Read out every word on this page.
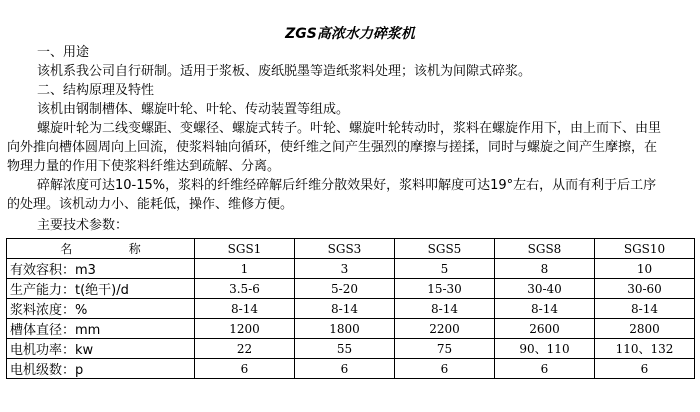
ZGS高浓水力碎浆机
一、用途
该机系我公司自行研制。适用于浆板、废纸脱墨等造纸浆料处理；该机为间隙式碎浆。
二、结构原理及特性
该机由钢制槽体、螺旋叶轮、叶轮、传动装置等组成。
螺旋叶轮为二线变螺距、变螺径、螺旋式转子。叶轮、螺旋叶轮转动时，浆料在螺旋作用下，由上而下、由里
向外推向槽体圆周向上回流，使浆料轴向循环，使纤维之间产生强烈的摩擦与搓揉，同时与螺旋之间产生摩擦，在
物理力量的作用下使浆料纤维达到疏解、分离。
碎解浓度可达10-15%，浆料的纤维经碎解后纤维分散效果好，浆料叩解度可达19°左右，从而有利于后工序
的处理。该机动力小、能耗低，操作、维修方便。
主要技术参数：
名 称	SGS1	SGS3	SGS5	SGS8	SGS10
有效容积：m3	1	3	5	8	10
生产能力：t(绝干)/d	3.5-6	5-20	15-30	30-40	30-60
浆料浓度：%	8-14	8-14	8-14	8-14	8-14
槽体直径：mm	1200	1800	2200	2600	2800
电机功率：kw	22	55	75	90、110	110、132
电机级数：p	6	6	6	6	6
